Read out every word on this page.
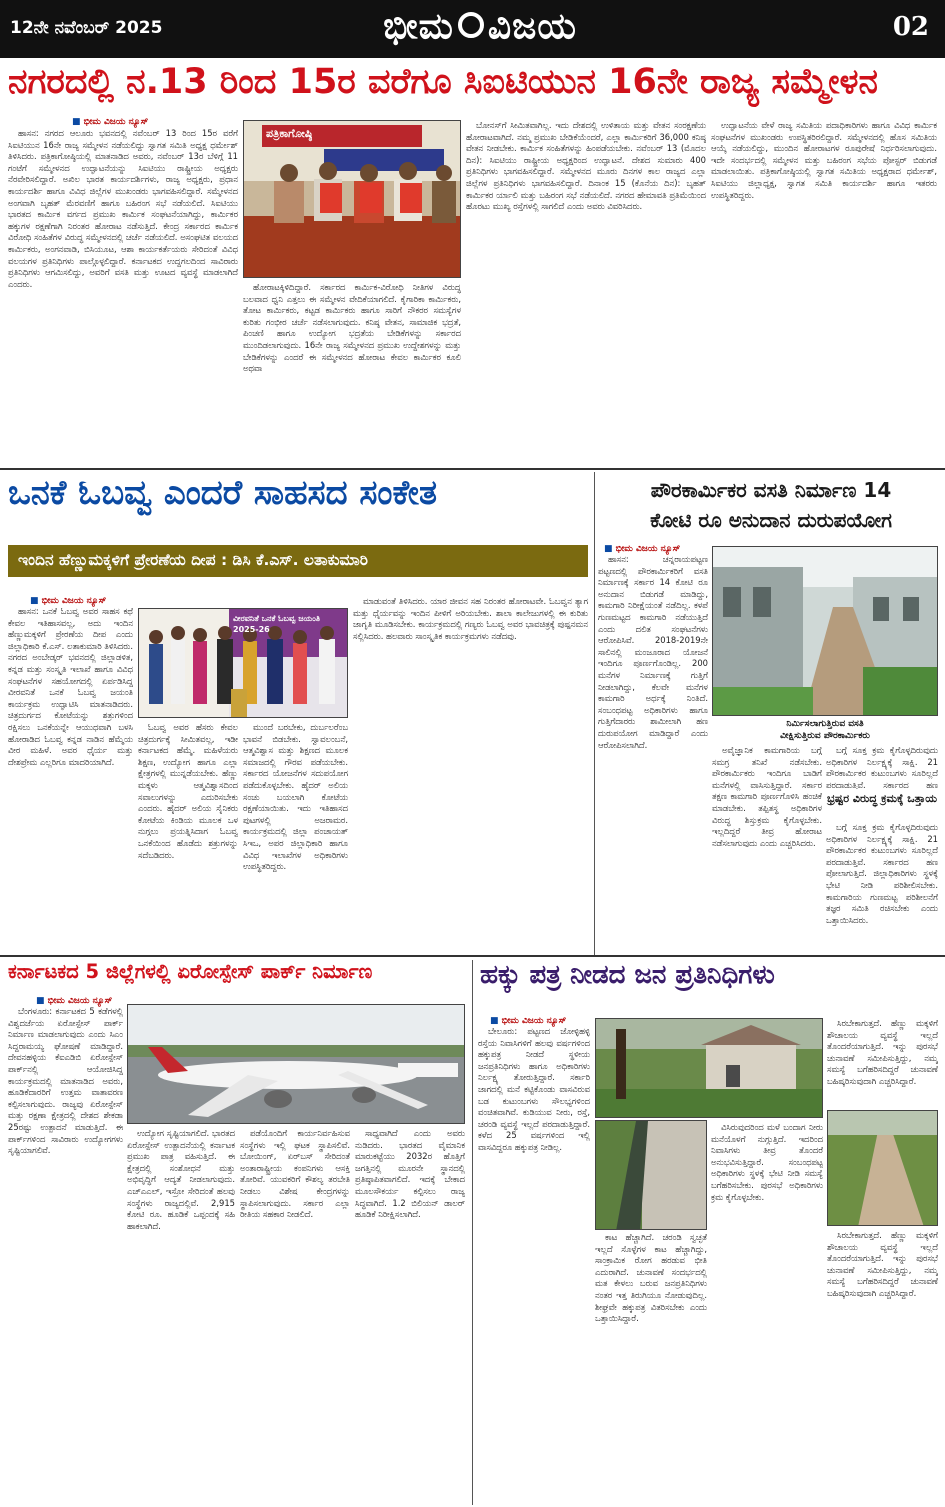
12ನೇ ನವೆಂಬರ್ 2025	ಭೀಮ ವಿಜಯ	02
ನಗರದಲ್ಲಿ ನ.13 ರಿಂದ 15ರ ವರೆಗೂ ಸಿಐಟಿಯುನ 16ನೇ ರಾಜ್ಯ ಸಮ್ಮೇಳನ
■ ಭೀಮ ವಿಜಯ ನ್ಯೂಸ್

ಹಾಸನ: ನಗರದ ಆಲೂರು ಭವನದಲ್ಲಿ ನವೆಂಬರ್ 13 ರಿಂದ 15ರ ವರೆಗೆ ಸಿಐಟಿಯುನ 16ನೇ ರಾಜ್ಯ ಸಮ್ಮೇಳನ ನಡೆಯಲಿದ್ದು ಸ್ವಾಗತ ಸಮಿತಿ ಅಧ್ಯಕ್ಷ ಧರ್ಮೇಶ್ ತಿಳಿಸಿದರು. ಪತ್ರಿಕಾಗೋಷ್ಠಿಯಲ್ಲಿ ಮಾತನಾಡಿದ ಅವರು, ನವೆಂಬರ್ 13ರ ಬೆಳಿಗ್ಗೆ 11 ಗಂಟೆಗೆ ಸಮ್ಮೇಳನದ ಉದ್ಘಾಟನೆಯನ್ನು ಸಿಐಟಿಯು ರಾಷ್ಟ್ರೀಯ ಅಧ್ಯಕ್ಷರು ನೆರವೇರಿಸಲಿದ್ದಾರೆ. ಅಖಿಲ ಭಾರತ ಕಾರ್ಯದರ್ಶಿಗಳು, ರಾಜ್ಯ ಅಧ್ಯಕ್ಷರು, ಪ್ರಧಾನ ಕಾರ್ಯದರ್ಶಿ ಹಾಗೂ ವಿವಿಧ ಜಿಲ್ಲೆಗಳ ಮುಖಂಡರು ಭಾಗವಹಿಸಲಿದ್ದಾರೆ. ಸಮ್ಮೇಳನದ ಅಂಗವಾಗಿ ಬೃಹತ್ ಮೆರವಣಿಗೆ ಹಾಗೂ ಬಹಿರಂಗ ಸಭೆ ನಡೆಯಲಿದೆ. ಸಿಐಟಿಯು ಭಾರತದ ಕಾರ್ಮಿಕ ವರ್ಗದ ಪ್ರಮುಖ ಕಾರ್ಮಿಕ ಸಂಘಟನೆಯಾಗಿದ್ದು, ಕಾರ್ಮಿಕರ ಹಕ್ಕುಗಳ ರಕ್ಷಣೆಗಾಗಿ ನಿರಂತರ ಹೋರಾಟ ನಡೆಸುತ್ತಿದೆ. ಕೇಂದ್ರ ಸರ್ಕಾರದ ಕಾರ್ಮಿಕ ವಿರೋಧಿ ಸಂಹಿತೆಗಳ ವಿರುದ್ಧ ಸಮ್ಮೇಳನದಲ್ಲಿ ಚರ್ಚೆ ನಡೆಯಲಿದೆ. ಅಸಂಘಟಿತ ವಲಯದ ಕಾರ್ಮಿಕರು, ಅಂಗನವಾಡಿ, ಬಿಸಿಯೂಟ, ಆಶಾ ಕಾರ್ಯಕರ್ತೆಯರು ಸೇರಿದಂತೆ ವಿವಿಧ ವಲಯಗಳ ಪ್ರತಿನಿಧಿಗಳು ಪಾಲ್ಗೊಳ್ಳಲಿದ್ದಾರೆ. ಕರ್ನಾಟಕದ ಉದ್ದಗಲದಿಂದ ಸಾವಿರಾರು ಪ್ರತಿನಿಧಿಗಳು ಆಗಮಿಸಲಿದ್ದು, ಅವರಿಗೆ ವಸತಿ ಮತ್ತು ಊಟದ ವ್ಯವಸ್ಥೆ ಮಾಡಲಾಗಿದೆ ಎಂದರು.

ಪತ್ರಿಕಾಗೋಷ್ಠಿ

ಹೋರಾಟಕ್ಕಿಳಿದಿದ್ದಾರೆ. ಸರ್ಕಾರದ ಕಾರ್ಮಿಕ-ವಿರೋಧಿ ನೀತಿಗಳ ವಿರುದ್ಧ ಬಲವಾದ ಧ್ವನಿ ಎತ್ತಲು ಈ ಸಮ್ಮೇಳನ ವೇದಿಕೆಯಾಗಲಿದೆ. ಕೈಗಾರಿಕಾ ಕಾರ್ಮಿಕರು, ತೋಟ ಕಾರ್ಮಿಕರು, ಕಟ್ಟಡ ಕಾರ್ಮಿಕರು ಹಾಗೂ ಸಾರಿಗೆ ನೌಕರರ ಸಮಸ್ಯೆಗಳ ಕುರಿತು ಗಂಭೀರ ಚರ್ಚೆ ನಡೆಸಲಾಗುವುದು. ಕನಿಷ್ಠ ವೇತನ, ಸಾಮಾಜಿಕ ಭದ್ರತೆ, ಪಿಂಚಣಿ ಹಾಗೂ ಉದ್ಯೋಗ ಭದ್ರತೆಯ ಬೇಡಿಕೆಗಳನ್ನು ಸರ್ಕಾರದ ಮುಂದಿಡಲಾಗುವುದು. 16ನೇ ರಾಜ್ಯ ಸಮ್ಮೇಳನದ ಪ್ರಮುಖ ಉದ್ದೇಶಗಳನ್ನು ಮತ್ತು ಬೇಡಿಕೆಗಳನ್ನು ಎಂದರೆ ಈ ಸಮ್ಮೇಳನದ ಹೋರಾಟ ಕೇವಲ ಕಾರ್ಮಿಕರ ಕೂಲಿ ಅಥವಾ

ಬೋನಸ್‌ಗೆ ಸೀಮಿತವಾಗಿಲ್ಲ. ಇದು ದೇಶದಲ್ಲಿ ಉಳಿತಾಯ ಮತ್ತು ವೇತನ ಸಂರಕ್ಷಣೆಯ ಹೋರಾಟವಾಗಿದೆ. ನಮ್ಮ ಪ್ರಮುಖ ಬೇಡಿಕೆಯೆಂದರೆ, ಎಲ್ಲಾ ಕಾರ್ಮಿಕರಿಗೆ 36,000 ಕನಿಷ್ಠ ವೇತನ ನೀಡಬೇಕು. ಕಾರ್ಮಿಕ ಸಂಹಿತೆಗಳನ್ನು ಹಿಂಪಡೆಯಬೇಕು. ನವೆಂಬರ್ 13 (ಮೊದಲ ದಿನ): ಸಿಐಟಿಯು ರಾಷ್ಟ್ರೀಯ ಅಧ್ಯಕ್ಷರಿಂದ ಉದ್ಘಾಟನೆ. ದೇಶದ ಸುಮಾರು 400 ಪ್ರತಿನಿಧಿಗಳು ಭಾಗವಹಿಸಲಿದ್ದಾರೆ. ಸಮ್ಮೇಳನದ ಮೂರು ದಿನಗಳ ಕಾಲ ರಾಜ್ಯದ ಎಲ್ಲಾ ಜಿಲ್ಲೆಗಳ ಪ್ರತಿನಿಧಿಗಳು ಭಾಗವಹಿಸಲಿದ್ದಾರೆ. ದಿನಾಂಕ 15 (ಕೊನೆಯ ದಿನ): ಬೃಹತ್ ಕಾರ್ಮಿಕರ ರ್ಯಾಲಿ ಮತ್ತು ಬಹಿರಂಗ ಸಭೆ ನಡೆಯಲಿದೆ. ನಗರದ ಹೇಮಾವತಿ ಪ್ರತಿಮೆಯಿಂದ ಹೊರಟು ಮುಖ್ಯ ರಸ್ತೆಗಳಲ್ಲಿ ಸಾಗಲಿದೆ ಎಂದು ಅವರು ವಿವರಿಸಿದರು.

ಉದ್ಘಾಟನೆಯ ವೇಳೆ ರಾಜ್ಯ ಸಮಿತಿಯ ಪದಾಧಿಕಾರಿಗಳು ಹಾಗೂ ವಿವಿಧ ಕಾರ್ಮಿಕ ಸಂಘಟನೆಗಳ ಮುಖಂಡರು ಉಪಸ್ಥಿತರಿರಲಿದ್ದಾರೆ. ಸಮ್ಮೇಳನದಲ್ಲಿ ಹೊಸ ಸಮಿತಿಯ ಆಯ್ಕೆ ನಡೆಯಲಿದ್ದು, ಮುಂದಿನ ಹೋರಾಟಗಳ ರೂಪುರೇಷೆ ನಿರ್ಧರಿಸಲಾಗುವುದು. ಇದೇ ಸಂದರ್ಭದಲ್ಲಿ ಸಮ್ಮೇಳನ ಮತ್ತು ಬಹಿರಂಗ ಸಭೆಯ ಪೋಸ್ಟರ್ ಬಿಡುಗಡೆ ಮಾಡಲಾಯಿತು. ಪತ್ರಿಕಾಗೋಷ್ಠಿಯಲ್ಲಿ ಸ್ವಾಗತ ಸಮಿತಿಯ ಅಧ್ಯಕ್ಷರಾದ ಧರ್ಮೇಶ್, ಸಿಐಟಿಯು ಜಿಲ್ಲಾಧ್ಯಕ್ಷ, ಸ್ವಾಗತ ಸಮಿತಿ ಕಾರ್ಯದರ್ಶಿ ಹಾಗೂ ಇತರರು ಉಪಸ್ಥಿತರಿದ್ದರು.

ಒನಕೆ ಓಬವ್ವ ಎಂದರೆ ಸಾಹಸದ ಸಂಕೇತ
ಇಂದಿನ ಹೆಣ್ಣುಮಕ್ಕಳಿಗೆ ಪ್ರೇರಣೆಯ ದೀಪ : ಡಿಸಿ ಕೆ.ಎಸ್. ಲತಾಕುಮಾರಿ
■ ಭೀಮ ವಿಜಯ ನ್ಯೂಸ್

ಹಾಸನ: ಒನಕೆ ಓಬವ್ವ ಅವರ ಸಾಹಸ ಕಥೆ ಕೇವಲ ಇತಿಹಾಸವಲ್ಲ, ಅದು ಇಂದಿನ ಹೆಣ್ಣುಮಕ್ಕಳಿಗೆ ಪ್ರೇರಣೆಯ ದೀಪ ಎಂದು ಜಿಲ್ಲಾಧಿಕಾರಿ ಕೆ.ಎಸ್. ಲತಾಕುಮಾರಿ ತಿಳಿಸಿದರು. ನಗರದ ಅಂಬೇಡ್ಕರ್ ಭವನದಲ್ಲಿ ಜಿಲ್ಲಾಡಳಿತ, ಕನ್ನಡ ಮತ್ತು ಸಂಸ್ಕೃತಿ ಇಲಾಖೆ ಹಾಗೂ ವಿವಿಧ ಸಂಘಟನೆಗಳ ಸಹಯೋಗದಲ್ಲಿ ಏರ್ಪಡಿಸಿದ್ದ ವೀರವನಿತೆ ಒನಕೆ ಓಬವ್ವ ಜಯಂತಿ ಕಾರ್ಯಕ್ರಮ ಉದ್ಘಾಟಿಸಿ ಮಾತನಾಡಿದರು. ಚಿತ್ರದುರ್ಗದ ಕೋಟೆಯನ್ನು ಶತ್ರುಗಳಿಂದ ರಕ್ಷಿಸಲು ಒನಕೆಯನ್ನೇ ಆಯುಧವಾಗಿ ಬಳಸಿ ಹೋರಾಡಿದ ಓಬವ್ವ ಕನ್ನಡ ನಾಡಿನ ಹೆಮ್ಮೆಯ ವೀರ ಮಹಿಳೆ. ಅವರ ಧೈರ್ಯ ಮತ್ತು ದೇಶಪ್ರೇಮ ಎಲ್ಲರಿಗೂ ಮಾದರಿಯಾಗಿದೆ.

ವೀರವನಿತೆ ಒನಕೆ ಓಬವ್ವ ಜಯಂತಿ 2025-26

ಓಬವ್ವ ಅವರ ಹೆಸರು ಕೇವಲ ಚಿತ್ರದುರ್ಗಕ್ಕೆ ಸೀಮಿತವಲ್ಲ, ಇಡೀ ಕರ್ನಾಟಕದ ಹೆಮ್ಮೆ. ಮಹಿಳೆಯರು ಶಿಕ್ಷಣ, ಉದ್ಯೋಗ ಹಾಗೂ ಎಲ್ಲಾ ಕ್ಷೇತ್ರಗಳಲ್ಲಿ ಮುನ್ನಡೆಯಬೇಕು. ಹೆಣ್ಣು ಮಕ್ಕಳು ಆತ್ಮವಿಶ್ವಾಸದಿಂದ ಸವಾಲುಗಳನ್ನು ಎದುರಿಸಬೇಕು ಎಂದರು. ಹೈದರ್ ಅಲಿಯ ಸೈನಿಕರು ಕೋಟೆಯ ಕಿಂಡಿಯ ಮೂಲಕ ಒಳ ನುಗ್ಗಲು ಪ್ರಯತ್ನಿಸಿದಾಗ ಓಬವ್ವ ಒನಕೆಯಿಂದ ಹೊಡೆದು ಶತ್ರುಗಳನ್ನು ಸದೆಬಡಿದರು.

ಮುಂದೆ ಬರಬೇಕು, ದುರ್ಬಲರೆಂಬ ಭಾವನೆ ಬಿಡಬೇಕು. ಸ್ವಾವಲಂಬನೆ, ಆತ್ಮವಿಶ್ವಾಸ ಮತ್ತು ಶಿಕ್ಷಣದ ಮೂಲಕ ಸಮಾಜದಲ್ಲಿ ಗೌರವ ಪಡೆಯಬೇಕು. ಸರ್ಕಾರದ ಯೋಜನೆಗಳ ಸದುಪಯೋಗ ಪಡೆದುಕೊಳ್ಳಬೇಕು. ಹೈದರ್ ಅಲಿಯ ಸಂಚು ಬಯಲಾಗಿ ಕೋಟೆಯ ರಕ್ಷಣೆಯಾಯಿತು. ಇದು ಇತಿಹಾಸದ ಪುಟಗಳಲ್ಲಿ ಅಜರಾಮರ. ಕಾರ್ಯಕ್ರಮದಲ್ಲಿ ಜಿಲ್ಲಾ ಪಂಚಾಯತ್ ಸಿಇಒ, ಅಪರ ಜಿಲ್ಲಾಧಿಕಾರಿ ಹಾಗೂ ವಿವಿಧ ಇಲಾಖೆಗಳ ಅಧಿಕಾರಿಗಳು ಉಪಸ್ಥಿತರಿದ್ದರು.

ಮಾಡುವಂತೆ ತಿಳಿಸಿದರು. ಯಾರ ಜೀವನ ಸಹ ನಿರಂತರ ಹೋರಾಟವೇ. ಓಬವ್ವನ ತ್ಯಾಗ ಮತ್ತು ಧೈರ್ಯವನ್ನು ಇಂದಿನ ಪೀಳಿಗೆ ಅರಿಯಬೇಕು. ಶಾಲಾ ಕಾಲೇಜುಗಳಲ್ಲಿ ಈ ಕುರಿತು ಜಾಗೃತಿ ಮೂಡಿಸಬೇಕು. ಕಾರ್ಯಕ್ರಮದಲ್ಲಿ ಗಣ್ಯರು ಓಬವ್ವ ಅವರ ಭಾವಚಿತ್ರಕ್ಕೆ ಪುಷ್ಪನಮನ ಸಲ್ಲಿಸಿದರು. ಹಲವಾರು ಸಾಂಸ್ಕೃತಿಕ ಕಾರ್ಯಕ್ರಮಗಳು ನಡೆದವು.

ಪೌರಕಾರ್ಮಿಕರ ವಸತಿ ನಿರ್ಮಾಣ 14
ಕೋಟಿ ರೂ ಅನುದಾನ ದುರುಪಯೋಗ
■ ಭೀಮ ವಿಜಯ ನ್ಯೂಸ್

ಹಾಸನ: ಚನ್ನರಾಯಪಟ್ಟಣ ಪಟ್ಟಣದಲ್ಲಿ ಪೌರಕಾರ್ಮಿಕರಿಗೆ ವಸತಿ ನಿರ್ಮಾಣಕ್ಕೆ ಸರ್ಕಾರ 14 ಕೋಟಿ ರೂ ಅನುದಾನ ಬಿಡುಗಡೆ ಮಾಡಿದ್ದು, ಕಾಮಗಾರಿ ನಿರೀಕ್ಷೆಯಂತೆ ನಡೆದಿಲ್ಲ. ಕಳಪೆ ಗುಣಮಟ್ಟದ ಕಾಮಗಾರಿ ನಡೆಯುತ್ತಿದೆ ಎಂದು ದಲಿತ ಸಂಘಟನೆಗಳು ಆರೋಪಿಸಿವೆ. 2018-2019ನೇ ಸಾಲಿನಲ್ಲಿ ಮಂಜೂರಾದ ಯೋಜನೆ ಇಂದಿಗೂ ಪೂರ್ಣಗೊಂಡಿಲ್ಲ. 200 ಮನೆಗಳ ನಿರ್ಮಾಣಕ್ಕೆ ಗುತ್ತಿಗೆ ನೀಡಲಾಗಿದ್ದು, ಕೆಲವೇ ಮನೆಗಳ ಕಾಮಗಾರಿ ಅರ್ಧಕ್ಕೆ ನಿಂತಿದೆ. ಸಂಬಂಧಪಟ್ಟ ಅಧಿಕಾರಿಗಳು ಹಾಗೂ ಗುತ್ತಿಗೆದಾರರು ಶಾಮೀಲಾಗಿ ಹಣ ದುರುಪಯೋಗ ಮಾಡಿದ್ದಾರೆ ಎಂದು ಆರೋಪಿಸಲಾಗಿದೆ.

ನಿರ್ಮಿಸಲಾಗುತ್ತಿರುವ ವಸತಿ
ವೀಕ್ಷಿಸುತ್ತಿರುವ ಪೌರಕಾರ್ಮಿಕರು

ಅವೈಜ್ಞಾನಿಕ ಕಾಮಗಾರಿಯ ಬಗ್ಗೆ ಸಮಗ್ರ ತನಿಖೆ ನಡೆಸಬೇಕು. ಪೌರಕಾರ್ಮಿಕರು ಇಂದಿಗೂ ಬಾಡಿಗೆ ಮನೆಗಳಲ್ಲಿ ವಾಸಿಸುತ್ತಿದ್ದಾರೆ. ಸರ್ಕಾರ ತಕ್ಷಣ ಕಾಮಗಾರಿ ಪೂರ್ಣಗೊಳಿಸಿ ಹಂಚಿಕೆ ಮಾಡಬೇಕು. ತಪ್ಪಿತಸ್ಥ ಅಧಿಕಾರಿಗಳ ವಿರುದ್ಧ ಶಿಸ್ತುಕ್ರಮ ಕೈಗೊಳ್ಳಬೇಕು. ಇಲ್ಲದಿದ್ದರೆ ತೀವ್ರ ಹೋರಾಟ ನಡೆಸಲಾಗುವುದು ಎಂದು ಎಚ್ಚರಿಸಿದರು.

ಬಗ್ಗೆ ಸೂಕ್ತ ಕ್ರಮ ಕೈಗೊಳ್ಳದಿರುವುದು ಅಧಿಕಾರಿಗಳ ನಿರ್ಲಕ್ಷ್ಯಕ್ಕೆ ಸಾಕ್ಷಿ. 21 ಪೌರಕಾರ್ಮಿಕರ ಕುಟುಂಬಗಳು ಸೂರಿಲ್ಲದೆ ಪರದಾಡುತ್ತಿವೆ. ಸರ್ಕಾರದ ಹಣ

ಭ್ರಷ್ಟರ ವಿರುದ್ಧ ಕ್ರಮಕ್ಕೆ ಒತ್ತಾಯ

ಬಗ್ಗೆ ಸೂಕ್ತ ಕ್ರಮ ಕೈಗೊಳ್ಳದಿರುವುದು ಅಧಿಕಾರಿಗಳ ನಿರ್ಲಕ್ಷ್ಯಕ್ಕೆ ಸಾಕ್ಷಿ. 21 ಪೌರಕಾರ್ಮಿಕರ ಕುಟುಂಬಗಳು ಸೂರಿಲ್ಲದೆ ಪರದಾಡುತ್ತಿವೆ. ಸರ್ಕಾರದ ಹಣ ಪೋಲಾಗುತ್ತಿದೆ. ಜಿಲ್ಲಾಧಿಕಾರಿಗಳು ಸ್ಥಳಕ್ಕೆ ಭೇಟಿ ನೀಡಿ ಪರಿಶೀಲಿಸಬೇಕು. ಕಾಮಗಾರಿಯ ಗುಣಮಟ್ಟ ಪರಿಶೀಲನೆಗೆ ತಜ್ಞರ ಸಮಿತಿ ರಚಿಸಬೇಕು ಎಂದು ಒತ್ತಾಯಿಸಿದರು.

ಕರ್ನಾಟಕದ 5 ಜಿಲ್ಲೆಗಳಲ್ಲಿ ಏರೋಸ್ಪೇಸ್ ಪಾರ್ಕ್ ನಿರ್ಮಾಣ
■ ಭೀಮ ವಿಜಯ ನ್ಯೂಸ್

ಬೆಂಗಳೂರು: ಕರ್ನಾಟಕದ 5 ಕಡೆಗಳಲ್ಲಿ ವಿಶ್ವದರ್ಜೆಯ ಏರೋಸ್ಪೇಸ್ ಪಾರ್ಕ್ ನಿರ್ಮಾಣ ಮಾಡಲಾಗುವುದು ಎಂದು ಸಿಎಂ ಸಿದ್ದರಾಮಯ್ಯ ಘೋಷಣೆ ಮಾಡಿದ್ದಾರೆ. ದೇವನಹಳ್ಳಿಯ ಕೆಐಎಡಿಬಿ ಏರೋಸ್ಪೇಸ್ ಪಾರ್ಕ್‌ನಲ್ಲಿ ಆಯೋಜಿಸಿದ್ದ ಕಾರ್ಯಕ್ರಮದಲ್ಲಿ ಮಾತನಾಡಿದ ಅವರು, ಹೂಡಿಕೆದಾರರಿಗೆ ಉತ್ತಮ ವಾತಾವರಣ ಕಲ್ಪಿಸಲಾಗುವುದು. ರಾಜ್ಯವು ಏರೋಸ್ಪೇಸ್ ಮತ್ತು ರಕ್ಷಣಾ ಕ್ಷೇತ್ರದಲ್ಲಿ ದೇಶದ ಶೇಕಡಾ 25ರಷ್ಟು ಉತ್ಪಾದನೆ ಮಾಡುತ್ತಿದೆ. ಈ ಪಾರ್ಕ್‌ಗಳಿಂದ ಸಾವಿರಾರು ಉದ್ಯೋಗಗಳು ಸೃಷ್ಟಿಯಾಗಲಿವೆ.

ಉದ್ಯೋಗ ಸೃಷ್ಟಿಯಾಗಲಿದೆ. ಭಾರತದ ಏರೋಸ್ಪೇಸ್ ಉತ್ಪಾದನೆಯಲ್ಲಿ ಕರ್ನಾಟಕ ಪ್ರಮುಖ ಪಾತ್ರ ವಹಿಸುತ್ತಿದೆ. ಈ ಕ್ಷೇತ್ರದಲ್ಲಿ ಸಂಶೋಧನೆ ಮತ್ತು ಅಭಿವೃದ್ಧಿಗೆ ಆದ್ಯತೆ ನೀಡಲಾಗುವುದು. ಎಚ್‌ಎಎಲ್, ಇಸ್ರೋ ಸೇರಿದಂತೆ ಹಲವು ಸಂಸ್ಥೆಗಳು ರಾಜ್ಯದಲ್ಲಿವೆ. 2,915 ಕೋಟಿ ರೂ. ಹೂಡಿಕೆ ಒಪ್ಪಂದಕ್ಕೆ ಸಹಿ ಹಾಕಲಾಗಿದೆ.

ಪಡೆಯೊಂದಿಗೆ ಕಾರ್ಯನಿರ್ವಹಿಸುವ ಸಂಸ್ಥೆಗಳು ಇಲ್ಲಿ ಘಟಕ ಸ್ಥಾಪಿಸಲಿವೆ. ಬೋಯಿಂಗ್, ಏರ್‌ಬಸ್ ಸೇರಿದಂತೆ ಅಂತಾರಾಷ್ಟ್ರೀಯ ಕಂಪನಿಗಳು ಆಸಕ್ತಿ ತೋರಿವೆ. ಯುವಕರಿಗೆ ಕೌಶಲ್ಯ ತರಬೇತಿ ನೀಡಲು ವಿಶೇಷ ಕೇಂದ್ರಗಳನ್ನು ಸ್ಥಾಪಿಸಲಾಗುವುದು. ಸರ್ಕಾರ ಎಲ್ಲಾ ರೀತಿಯ ಸಹಕಾರ ನೀಡಲಿದೆ.

ಸಾಧ್ಯವಾಗಿದೆ ಎಂದು ಅವರು ನುಡಿದರು. ಭಾರತದ ವೈಮಾನಿಕ ಮಾರುಕಟ್ಟೆಯು 2032ರ ಹೊತ್ತಿಗೆ ಜಗತ್ತಿನಲ್ಲಿ ಮೂರನೇ ಸ್ಥಾನದಲ್ಲಿ ಪ್ರತಿಷ್ಠಾಪಿತವಾಗಲಿದೆ. ಇದಕ್ಕೆ ಬೇಕಾದ ಮೂಲಸೌಕರ್ಯ ಕಲ್ಪಿಸಲು ರಾಜ್ಯ ಸಿದ್ಧವಾಗಿದೆ. 1.2 ಬಿಲಿಯನ್ ಡಾಲರ್ ಹೂಡಿಕೆ ನಿರೀಕ್ಷಿಸಲಾಗಿದೆ.

ಹಕ್ಕು ಪತ್ರ ನೀಡದ ಜನ ಪ್ರತಿನಿಧಿಗಳು
■ ಭೀಮ ವಿಜಯ ನ್ಯೂಸ್

ಬೇಲೂರು: ಪಟ್ಟಣದ ಜೋಳ್ಳಿಹಳ್ಳಿ ರಸ್ತೆಯ ನಿವಾಸಿಗಳಿಗೆ ಹಲವು ವರ್ಷಗಳಿಂದ ಹಕ್ಕುಪತ್ರ ನೀಡದೆ ಸ್ಥಳೀಯ ಜನಪ್ರತಿನಿಧಿಗಳು ಹಾಗೂ ಅಧಿಕಾರಿಗಳು ನಿರ್ಲಕ್ಷ್ಯ ತೋರುತ್ತಿದ್ದಾರೆ. ಸರ್ಕಾರಿ ಜಾಗದಲ್ಲಿ ಮನೆ ಕಟ್ಟಿಕೊಂಡು ವಾಸವಿರುವ ಬಡ ಕುಟುಂಬಗಳು ಸೌಲಭ್ಯಗಳಿಂದ ವಂಚಿತವಾಗಿವೆ. ಕುಡಿಯುವ ನೀರು, ರಸ್ತೆ, ಚರಂಡಿ ವ್ಯವಸ್ಥೆ ಇಲ್ಲದೆ ಪರದಾಡುತ್ತಿದ್ದಾರೆ. ಕಳೆದ 25 ವರ್ಷಗಳಿಂದ ಇಲ್ಲಿ ವಾಸವಿದ್ದರೂ ಹಕ್ಕುಪತ್ರ ನೀಡಿಲ್ಲ.

ಕಾಟ ಹೆಚ್ಚಾಗಿದೆ. ಚರಂಡಿ ಸ್ವಚ್ಛತೆ ಇಲ್ಲದೆ ಸೊಳ್ಳೆಗಳ ಕಾಟ ಹೆಚ್ಚಾಗಿದ್ದು, ಸಾಂಕ್ರಾಮಿಕ ರೋಗ ಹರಡುವ ಭೀತಿ ಎದುರಾಗಿದೆ. ಚುನಾವಣೆ ಸಂದರ್ಭದಲ್ಲಿ ಮತ ಕೇಳಲು ಬರುವ ಜನಪ್ರತಿನಿಧಿಗಳು ನಂತರ ಇತ್ತ ತಿರುಗಿಯೂ ನೋಡುವುದಿಲ್ಲ. ಶೀಘ್ರವೇ ಹಕ್ಕುಪತ್ರ ವಿತರಿಸಬೇಕು ಎಂದು ಒತ್ತಾಯಿಸಿದ್ದಾರೆ.

ವಿಸಿರುವುದರಿಂದ ಮಳೆ ಬಂದಾಗ ನೀರು ಮನೆಯೊಳಗೆ ನುಗ್ಗುತ್ತಿದೆ. ಇದರಿಂದ ನಿವಾಸಿಗಳು ತೀವ್ರ ತೊಂದರೆ ಅನುಭವಿಸುತ್ತಿದ್ದಾರೆ. ಸಂಬಂಧಪಟ್ಟ ಅಧಿಕಾರಿಗಳು ಸ್ಥಳಕ್ಕೆ ಭೇಟಿ ನೀಡಿ ಸಮಸ್ಯೆ ಬಗೆಹರಿಸಬೇಕು. ಪುರಸಭೆ ಅಧಿಕಾರಿಗಳು ಕ್ರಮ ಕೈಗೊಳ್ಳಬೇಕು.

ಸಿರಬೇಕಾಗುತ್ತದೆ. ಹೆಣ್ಣು ಮಕ್ಕಳಿಗೆ ಶೌಚಾಲಯ ವ್ಯವಸ್ಥೆ ಇಲ್ಲದೆ ತೊಂದರೆಯಾಗುತ್ತಿದೆ. ಇನ್ನು ಪುರಸಭೆ ಚುನಾವಣೆ ಸಮೀಪಿಸುತ್ತಿದ್ದು, ನಮ್ಮ ಸಮಸ್ಯೆ ಬಗೆಹರಿಸದಿದ್ದರೆ ಚುನಾವಣೆ ಬಹಿಷ್ಕರಿಸುವುದಾಗಿ ಎಚ್ಚರಿಸಿದ್ದಾರೆ.

ಸಿರಬೇಕಾಗುತ್ತದೆ. ಹೆಣ್ಣು ಮಕ್ಕಳಿಗೆ ಶೌಚಾಲಯ ವ್ಯವಸ್ಥೆ ಇಲ್ಲದೆ ತೊಂದರೆಯಾಗುತ್ತಿದೆ. ಇನ್ನು ಪುರಸಭೆ ಚುನಾವಣೆ ಸಮೀಪಿಸುತ್ತಿದ್ದು, ನಮ್ಮ ಸಮಸ್ಯೆ ಬಗೆಹರಿಸದಿದ್ದರೆ ಚುನಾವಣೆ ಬಹಿಷ್ಕರಿಸುವುದಾಗಿ ಎಚ್ಚರಿಸಿದ್ದಾರೆ.
